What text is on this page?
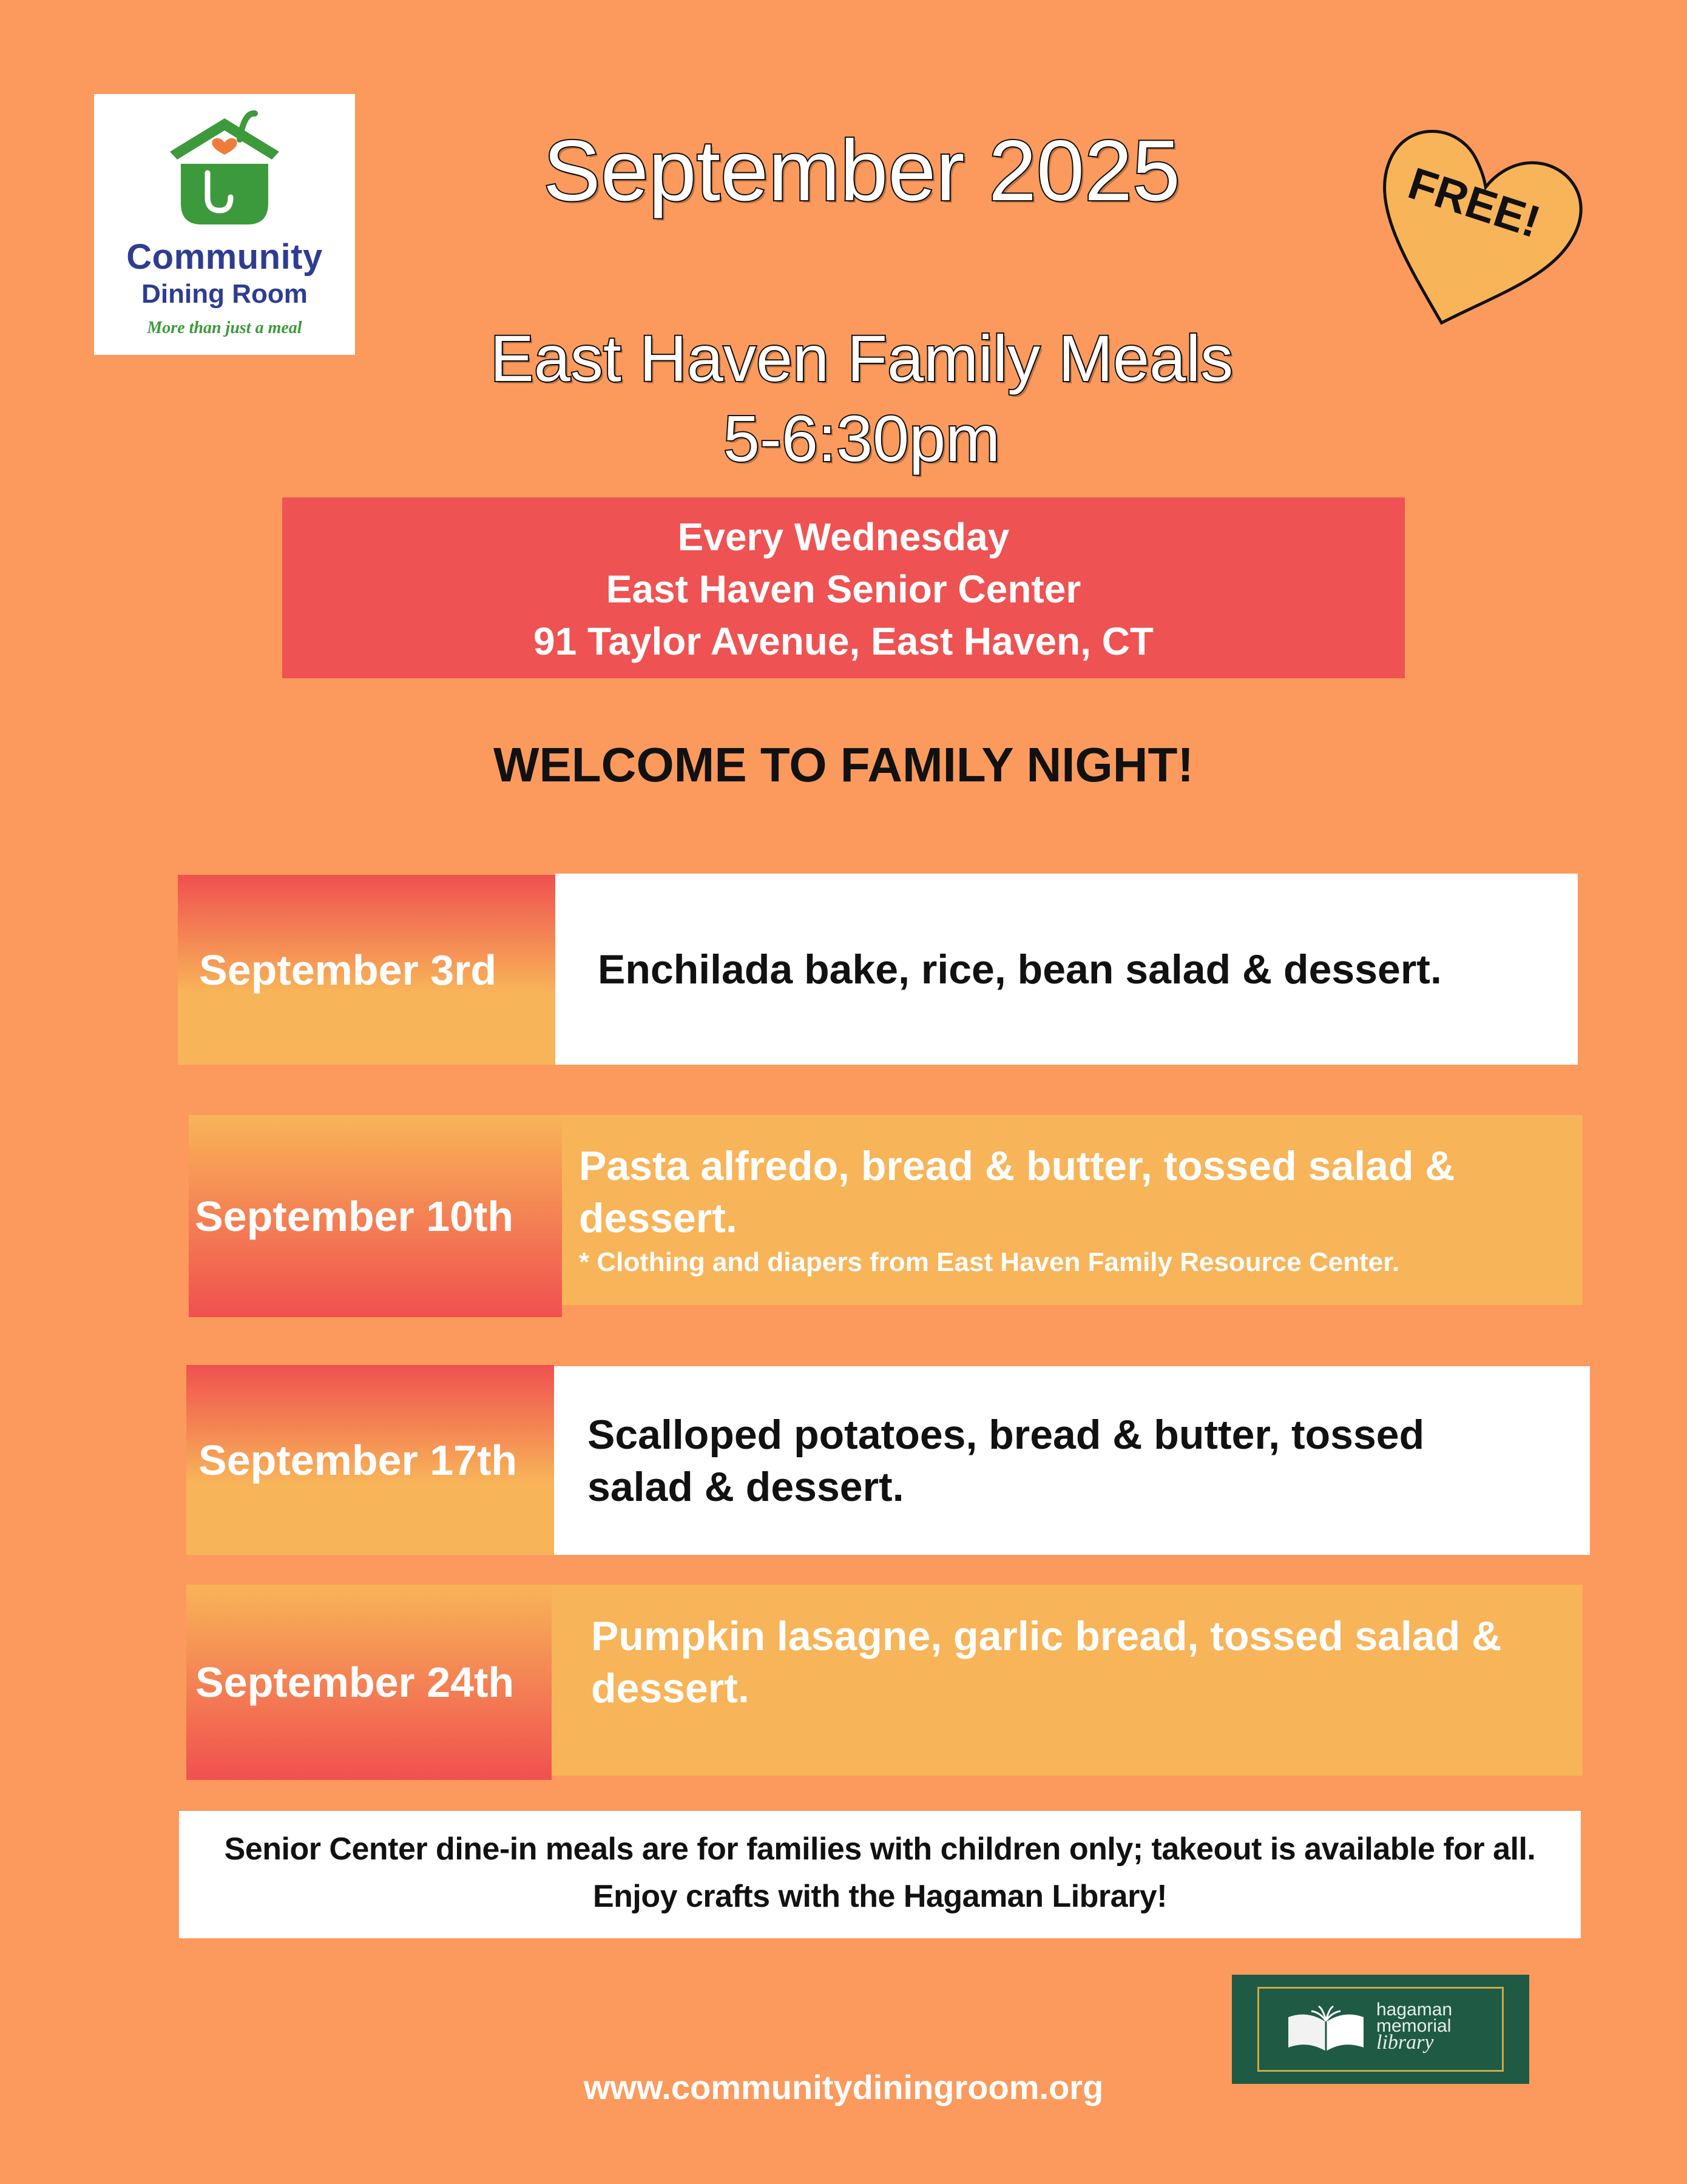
Community
Dining Room
More than just a meal
September 2025
East Haven Family Meals
5-6:30pm
FREE!
Every Wednesday
East Haven Senior Center
91 Taylor Avenue, East Haven, CT
WELCOME TO FAMILY NIGHT!
September 3rd	Enchilada bake, rice, bean salad & dessert.
September 10th
Pasta alfredo, bread & butter, tossed salad & dessert.
* Clothing and diapers from East Haven Family Resource Center.
September 17th
Scalloped potatoes, bread & butter, tossed salad & dessert.
September 24th
Pumpkin lasagne, garlic bread, tossed salad & dessert.
Senior Center dine-in meals are for families with children only; takeout is available for all.
Enjoy crafts with the Hagaman Library!
hagaman
memorial
library
www.communitydiningroom.org
